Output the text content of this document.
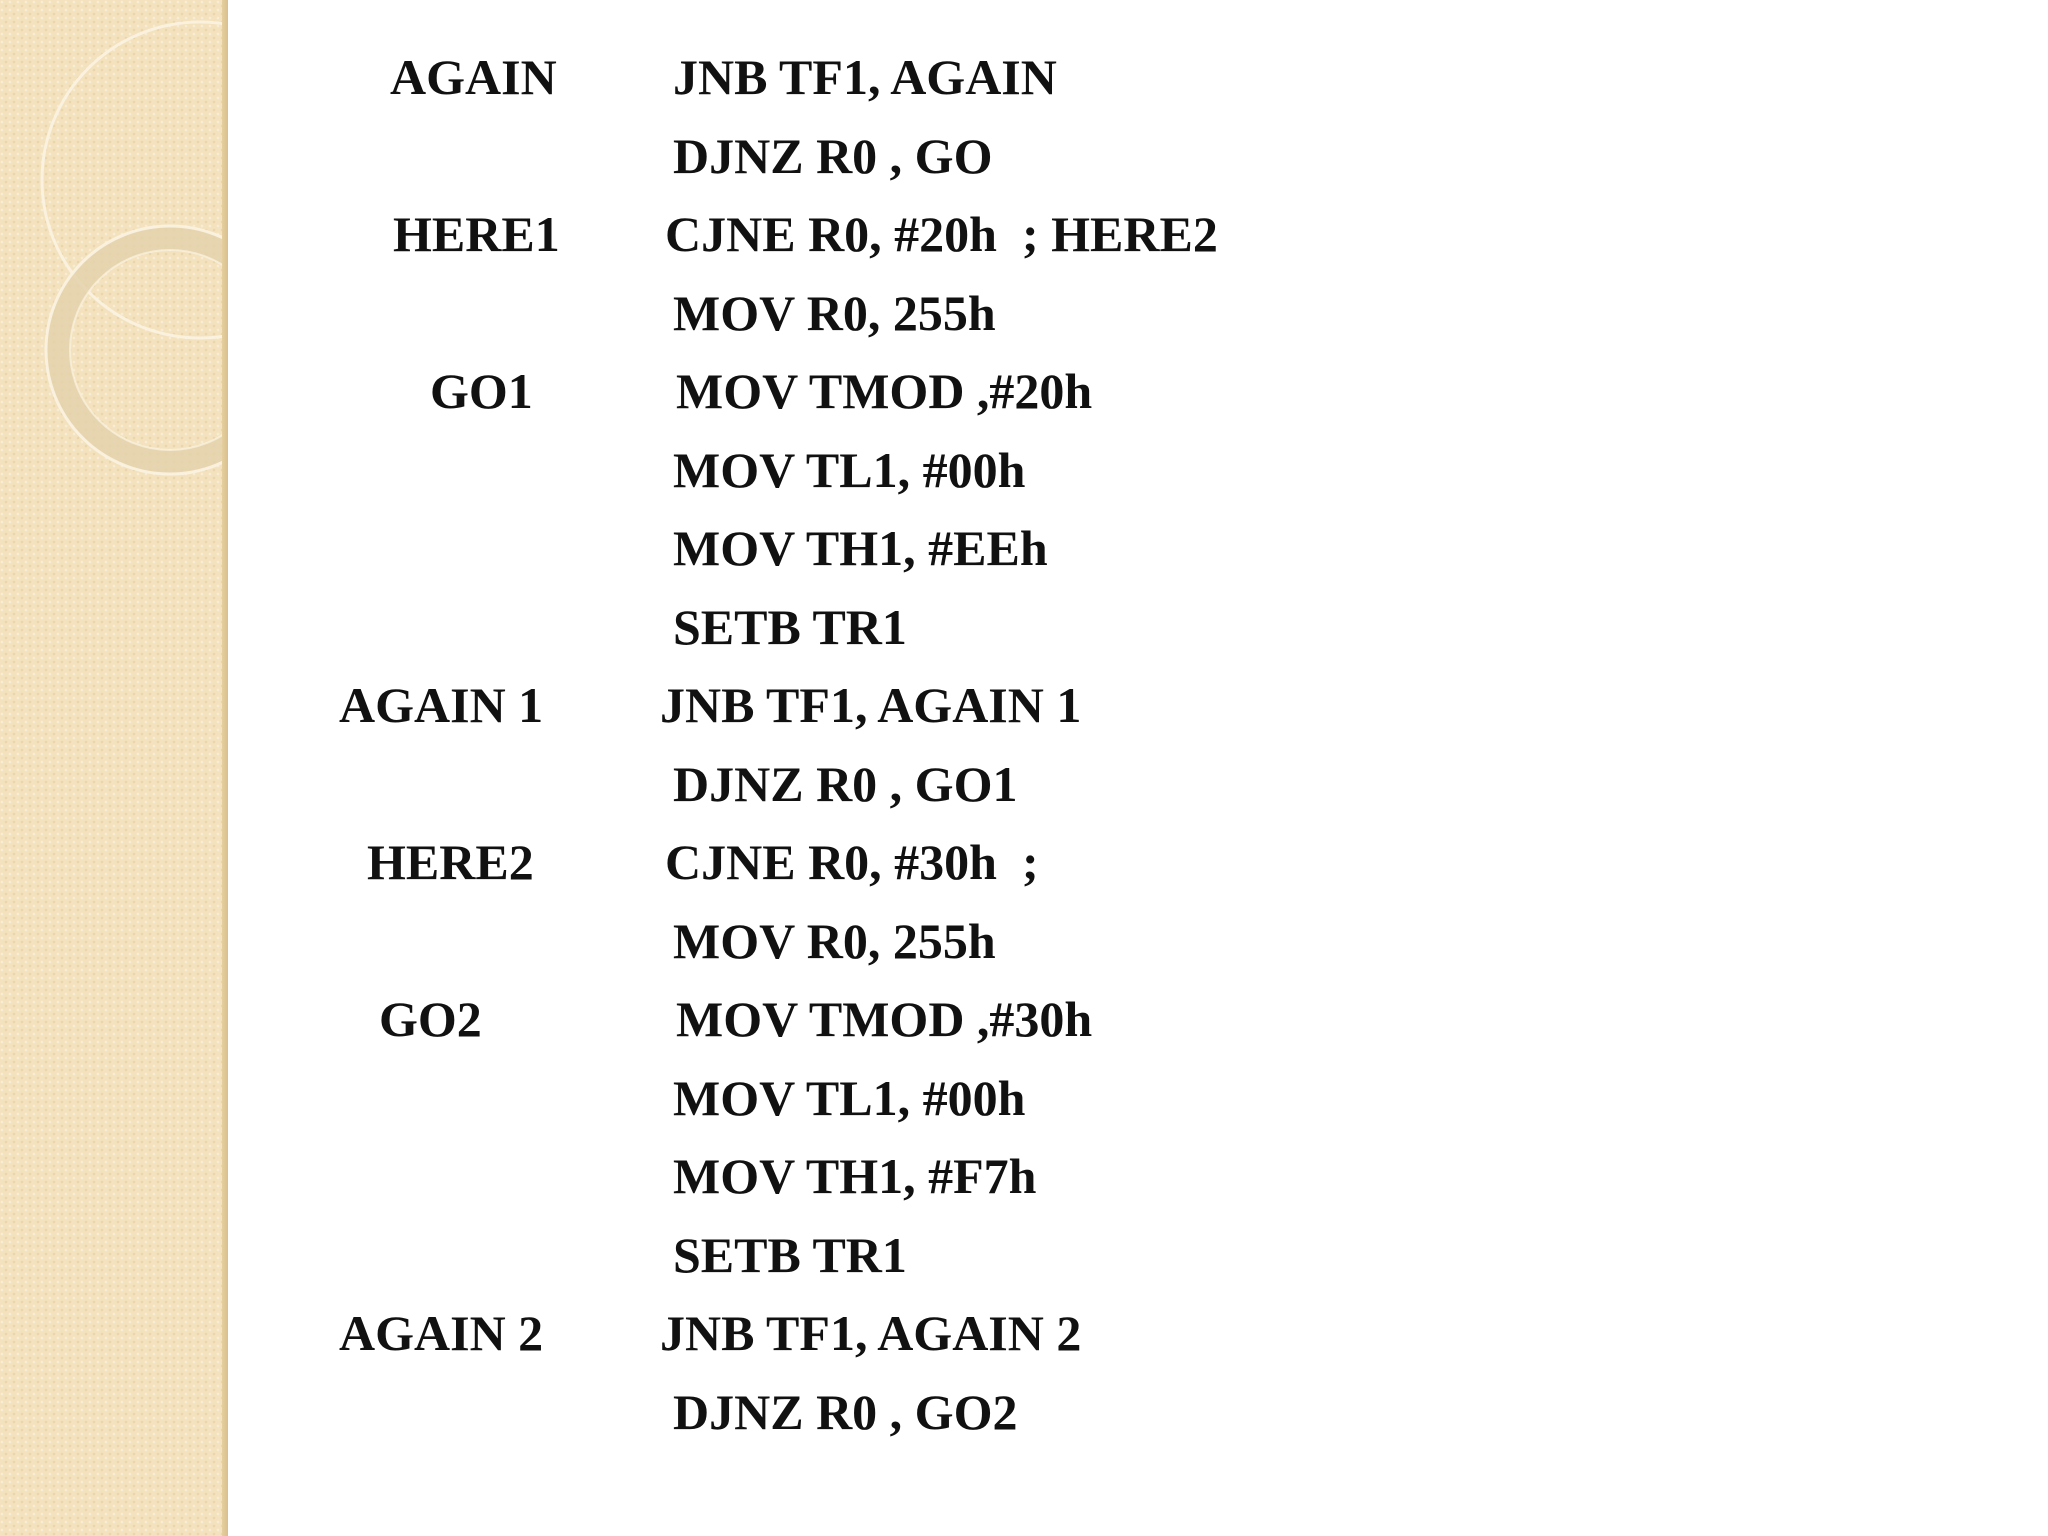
AGAIN JNB TF1, AGAIN
DJNZ R0 , GO
HERE1 CJNE R0, #20h  ; HERE2
MOV R0, 255h
GO1	MOV TMOD ,#20h
MOV TL1, #00h
MOV TH1, #EEh
SETB TR1
AGAIN 1 JNB TF1, AGAIN 1
DJNZ R0 , GO1
HERE2	CJNE R0, #30h  ;
MOV R0, 255h
GO2	MOV TMOD ,#30h
MOV TL1, #00h
MOV TH1, #F7h
SETB TR1
AGAIN 2 JNB TF1, AGAIN 2
DJNZ R0 , GO2
